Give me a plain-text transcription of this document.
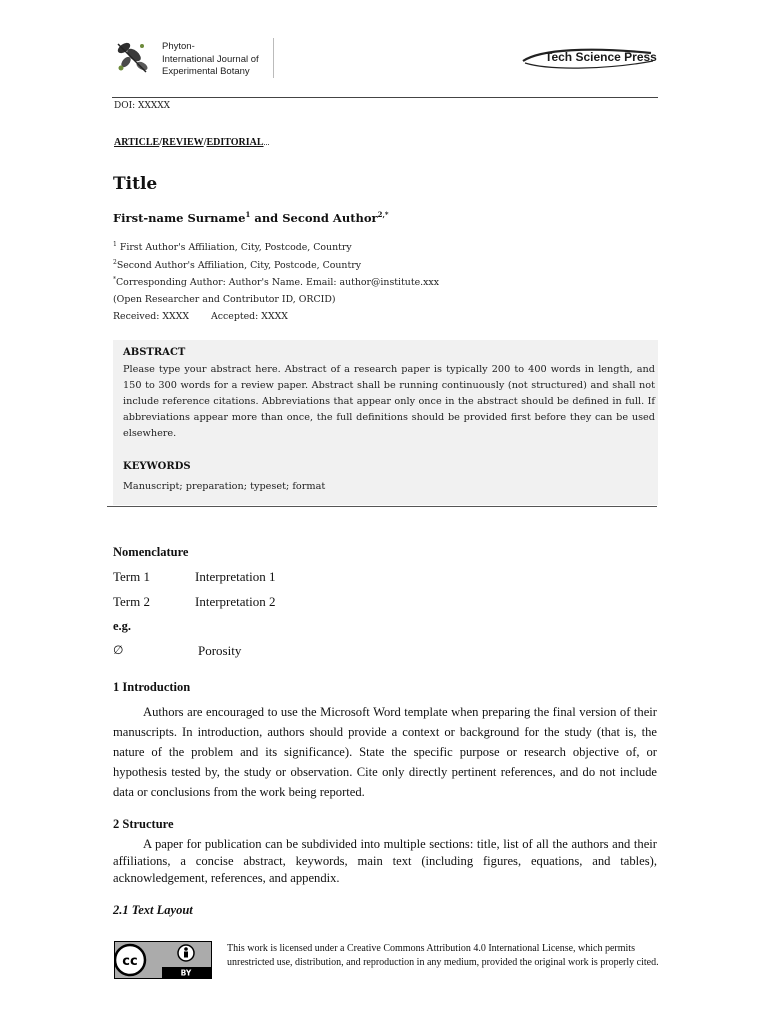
Phyton-
International Journal of
Experimental Botany
Tech Science Press
DOI: XXXXX
ARTICLE/REVIEW/EDITORIAL...
Title
First-name Surname$^1$ and Second Author$^{2,*}$
$^1$ First Author's Affiliation, City, Postcode, Country
$^2$Second Author's Affiliation, City, Postcode, Country
*Corresponding Author: Author's Name. Email: author@institute.xxx
(Open Researcher and Contributor ID, ORCID)
Received: XXXX Accepted: XXXX
ABSTRACT
Please type your abstract here. Abstract of a research paper is typically 200 to 400 words in length, and 150 to 300 words for a review paper. Abstract shall be running continuously (not structured) and shall not include reference citations. Abbreviations that appear only once in the abstract should be defined in full. If abbreviations appear more than once, the full definitions should be provided first before they can be used elsewhere.
KEYWORDS
Manuscript; preparation; typeset; format
Nomenclature
Term 1	Interpretation 1
Term 2	Interpretation 2
e.g.
∅	Porosity
1 Introduction
Authors are encouraged to use the Microsoft Word template when preparing the final version of their manuscripts. In introduction, authors should provide a context or background for the study (that is, the nature of the problem and its significance). State the specific purpose or research objective of, or hypothesis tested by, the study or observation. Cite only directly pertinent references, and do not include data or conclusions from the work being reported.
2 Structure
A paper for publication can be subdivided into multiple sections: title, list of all the authors and their affiliations, a concise abstract, keywords, main text (including figures, equations, and tables), acknowledgement, references, and appendix.
2.1 Text Layout
cc
BY
This work is licensed under a Creative Commons Attribution 4.0 International License, which permits unrestricted use, distribution, and reproduction in any medium, provided the original work is properly cited.
